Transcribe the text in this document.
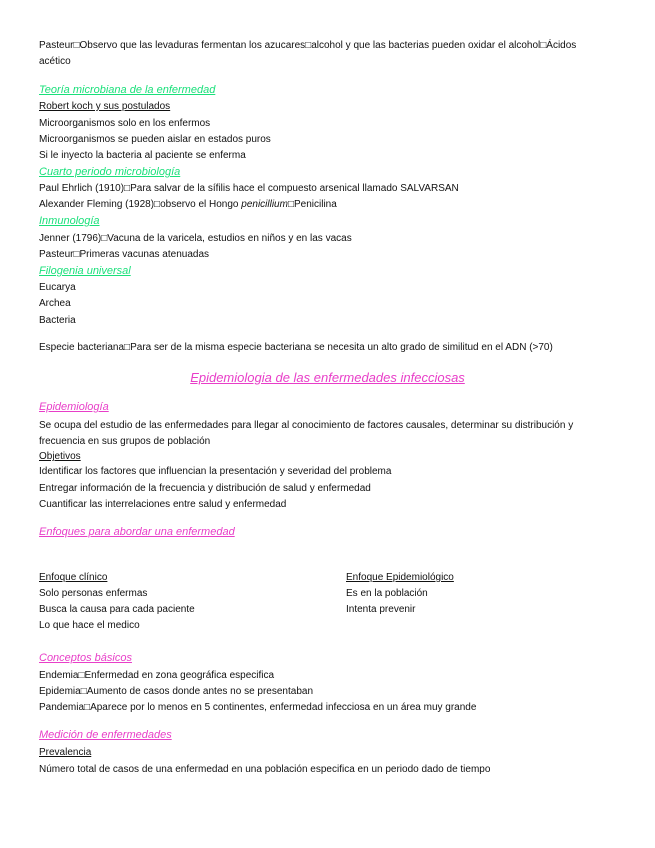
Pasteur□Observo que las levaduras fermentan los azucares□alcohol y que las bacterias pueden oxidar el alcohol□Ácidos
acético
Teoría microbiana de la enfermedad
Robert koch y sus postulados
Microorganismos solo en los enfermos
Microorganismos se pueden aislar en estados puros
Si le inyecto la bacteria al paciente se enferma
Cuarto periodo microbiología
Paul Ehrlich (1910)□Para salvar de la sífilis hace el compuesto arsenical llamado SALVARSAN
Alexander Fleming (1928)□observo el Hongo penicillium□Penicilina
Inmunología
Jenner (1796)□Vacuna de la varicela, estudios en niños y en las vacas
Pasteur□Primeras vacunas atenuadas
Filogenia universal
Eucarya
Archea
Bacteria
Especie bacteriana□Para ser de la misma especie bacteriana se necesita un alto grado de similitud en el ADN (>70)
Epidemiologia de las enfermedades infecciosas
Epidemiología
Se ocupa del estudio de las enfermedades para llegar al conocimiento de factores causales, determinar su distribución y frecuencia en sus grupos de población
Objetivos
Identificar los factores que influencian la presentación y severidad del problema
Entregar información de la frecuencia y distribución de salud y enfermedad
Cuantificar las interrelaciones entre salud y enfermedad
Enfoques para abordar una enfermedad
Enfoque clínico
Solo personas enfermas
Busca la causa para cada paciente
Lo que hace el medico
Enfoque Epidemiológico
Es en la población
Intenta prevenir
Conceptos básicos
Endemia□Enfermedad en zona geográfica especifica
Epidemia□Aumento de casos donde antes no se presentaban
Pandemia□Aparece por lo menos en 5 continentes, enfermedad infecciosa en un área muy grande
Medición de enfermedades
Prevalencia
Número total de casos de una enfermedad en una población especifica en un periodo dado de tiempo
